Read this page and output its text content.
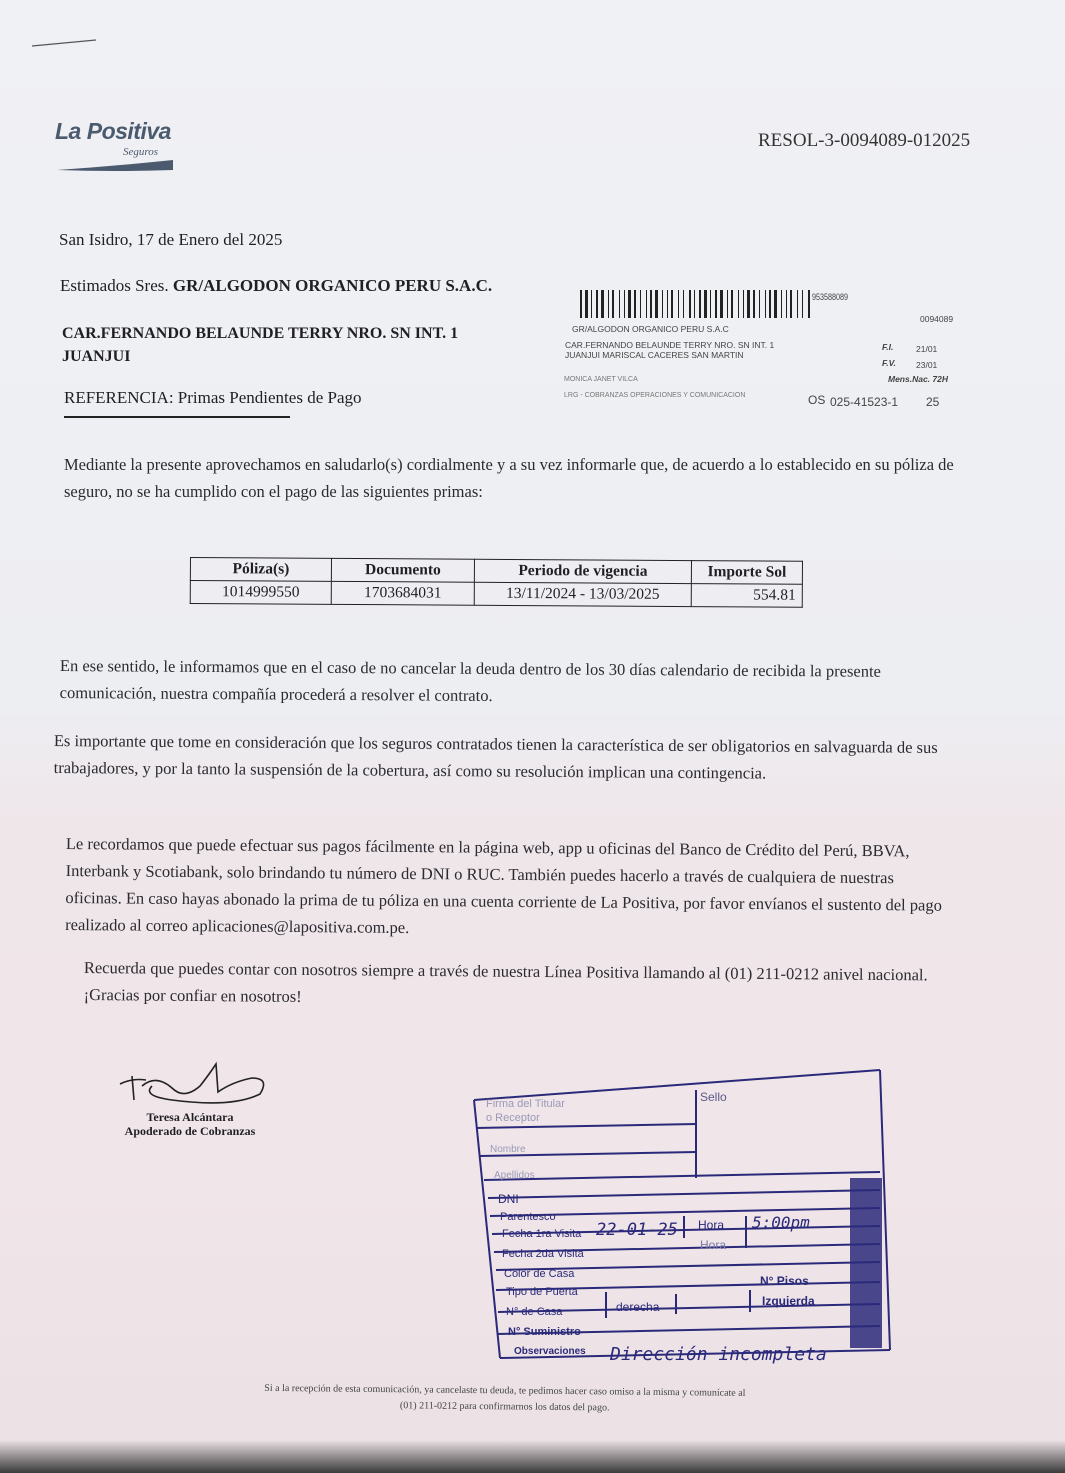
La Positiva
Seguros
RESOL-3-0094089-012025
San Isidro, 17 de Enero del 2025
Estimados Sres. GR/ALGODON ORGANICO PERU S.A.C.
CAR.FERNANDO BELAUNDE TERRY NRO. SN INT. 1
JUANJUI
REFERENCIA: Primas Pendientes de Pago
953588089
0094089
GR/ALGODON ORGANICO PERU S.A.C
CAR.FERNANDO BELAUNDE TERRY NRO. SN INT. 1
JUANJUI MARISCAL CACERES SAN MARTIN
F.I.	21/01
F.V. 23/01
Mens.Nac. 72H
MONICA JANET VILCA
LRG - COBRANZAS OPERACIONES Y COMUNICACION	OS 025-41523-1 25
Mediante la presente aprovechamos en saludarlo(s) cordialmente y a su vez informarle que, de acuerdo a lo establecido en su póliza de seguro, no se ha cumplido con el pago de las siguientes primas:
Póliza(s)	Documento	Periodo de vigencia	Importe Sol
1014999550	1703684031	13/11/2024 - 13/03/2025	554.81
En ese sentido, le informamos que en el caso de no cancelar la deuda dentro de los 30 días calendario de recibida la presente comunicación, nuestra compañía procederá a resolver el contrato.
Es importante que tome en consideración que los seguros contratados tienen la característica de ser obligatorios en salvaguarda de sus trabajadores, y por la tanto la suspensión de la cobertura, así como su resolución implican una contingencia.
Le recordamos que puede efectuar sus pagos fácilmente en la página web, app u oficinas del Banco de Crédito del Perú, BBVA, Interbank y Scotiabank, solo brindando tu número de DNI o RUC. También puedes hacerlo a través de cualquiera de nuestras oficinas. En caso hayas abonado la prima de tu póliza en una cuenta corriente de La Positiva, por favor envíanos el sustento del pago realizado al correo aplicaciones@lapositiva.com.pe.
Recuerda que puedes contar con nosotros siempre a través de nuestra Línea Positiva llamando al (01) 211-0212 anivel nacional. ¡Gracias por confiar en nosotros!
Teresa Alcántara
Apoderado de Cobranzas
Firma del Titular
o Receptor
Sello
Nombre
Apellidos
DNI
Parentesco
Fecha 1ra Visita 22-01-25 Hora 5:00pm
Fecha 2da Visita
Hora
Color de Casa	N° Pisos
Tipo de Puerta
N° de Casa	derecha	Izquierda
N° Suministro
Observaciones Dirección incompleta
Si a la recepción de esta comunicación, ya cancelaste tu deuda, te pedimos hacer caso omiso a la misma y comunícate al
(01) 211-0212 para confirmarnos los datos del pago.
